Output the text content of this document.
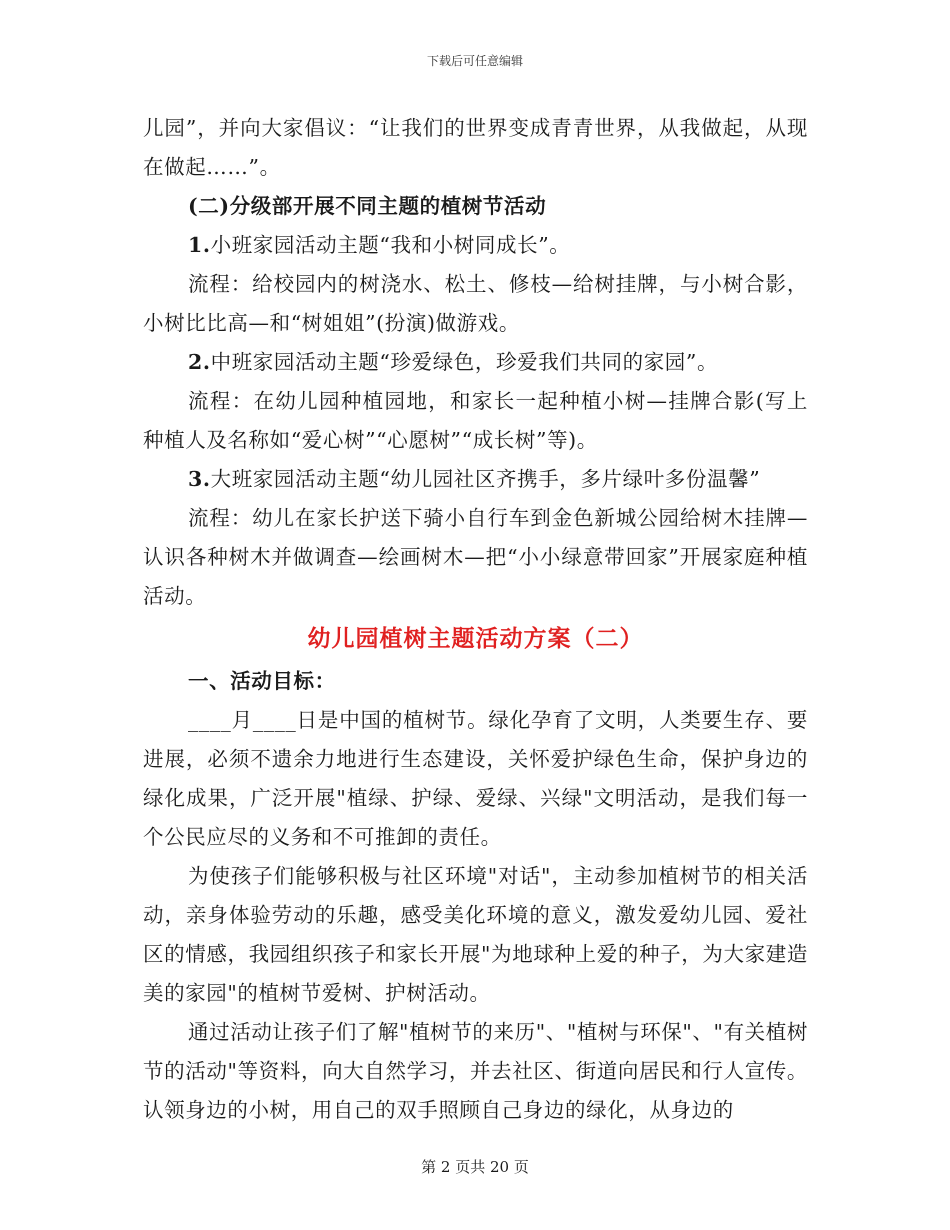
下载后可任意编辑

儿园”，并向大家倡议：“让我们的世界变成青青世界，从我做起，从现在做起……”。

(二)分级部开展不同主题的植树节活动

1.小班家园活动主题“我和小树同成长”。

流程：给校园内的树浇水、松土、修枝—给树挂牌，与小树合影，小树比比高—和“树姐姐”(扮演)做游戏。

2.中班家园活动主题“珍爱绿色，珍爱我们共同的家园”。

流程：在幼儿园种植园地，和家长一起种植小树—挂牌合影(写上种植人及名称如“爱心树”“心愿树”“成长树”等)。

3.大班家园活动主题“幼儿园社区齐携手，多片绿叶多份温馨”

流程：幼儿在家长护送下骑小自行车到金色新城公园给树木挂牌—认识各种树木并做调查—绘画树木—把“小小绿意带回家”开展家庭种植活动。

幼儿园植树主题活动方案（二）

一、活动目标：

____月____日是中国的植树节。绿化孕育了文明，人类要生存、要进展，必须不遗余力地进行生态建设，关怀爱护绿色生命，保护身边的绿化成果，广泛开展"植绿、护绿、爱绿、兴绿"文明活动，是我们每一个公民应尽的义务和不可推卸的责任。

为使孩子们能够积极与社区环境"对话"，主动参加植树节的相关活动，亲身体验劳动的乐趣，感受美化环境的意义，激发爱幼儿园、爱社区的情感，我园组织孩子和家长开展"为地球种上爱的种子，为大家建造美的家园"的植树节爱树、护树活动。

通过活动让孩子们了解"植树节的来历"、"植树与环保"、"有关植树节的活动"等资料，向大自然学习，并去社区、街道向居民和行人宣传。认领身边的小树，用自己的双手照顾自己身边的绿化，从身边的

第 2 页共 20 页
